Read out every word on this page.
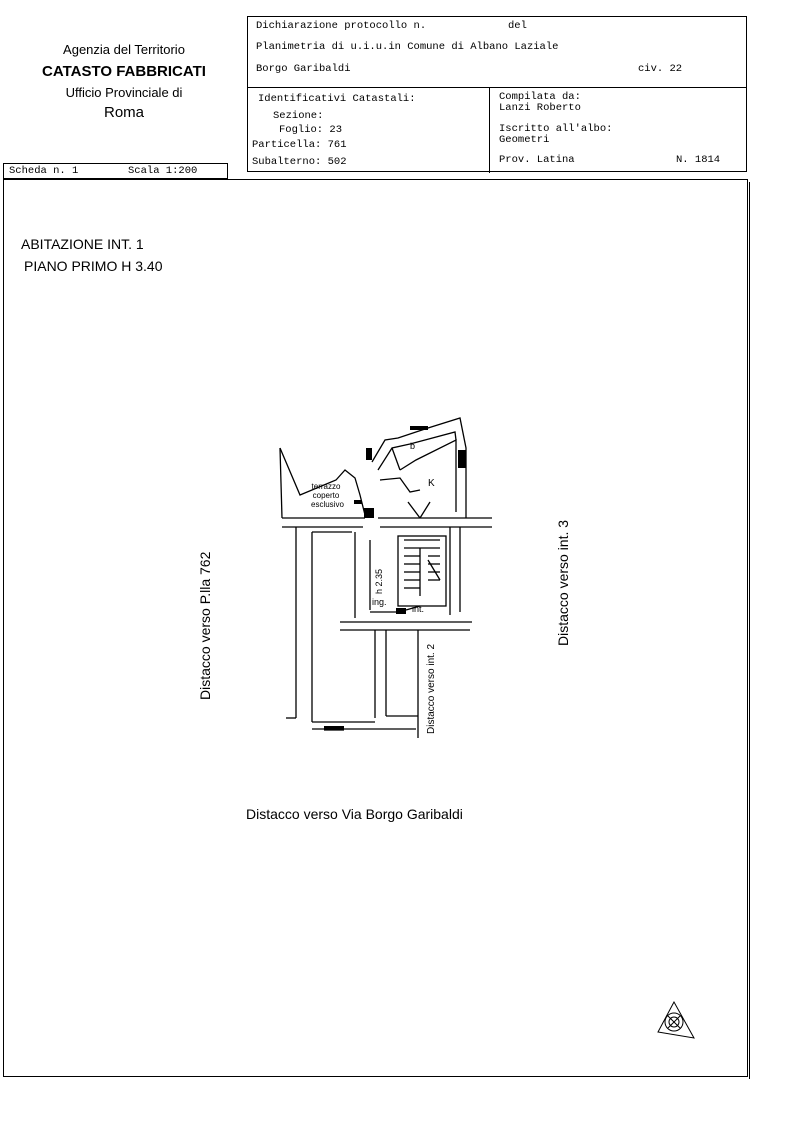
Agenzia del Territorio
CATASTO FABBRICATI
Ufficio Provinciale di
Roma
Dichiarazione protocollo n.	del
Planimetria di u.i.u.in Comune di Albano Laziale
Borgo Garibaldi	civ. 22
Identificativi Catastali:
Sezione:
Foglio: 23
Particella: 761
Subalterno: 502
Compilata da:
Lanzi Roberto
Iscritto all'albo:
Geometri
Prov. Latina	N. 1814
Scheda n. 1	Scala 1:200
ABITAZIONE INT. 1
PIANO PRIMO H 3.40
Distacco verso P.lla 762	Distacco verso int. 3
Distacco verso Via Borgo Garibaldi
Distacco verso int. 2
terrazzo
coperto
esclusivo
b
K
h 2.35
ing.
int.
